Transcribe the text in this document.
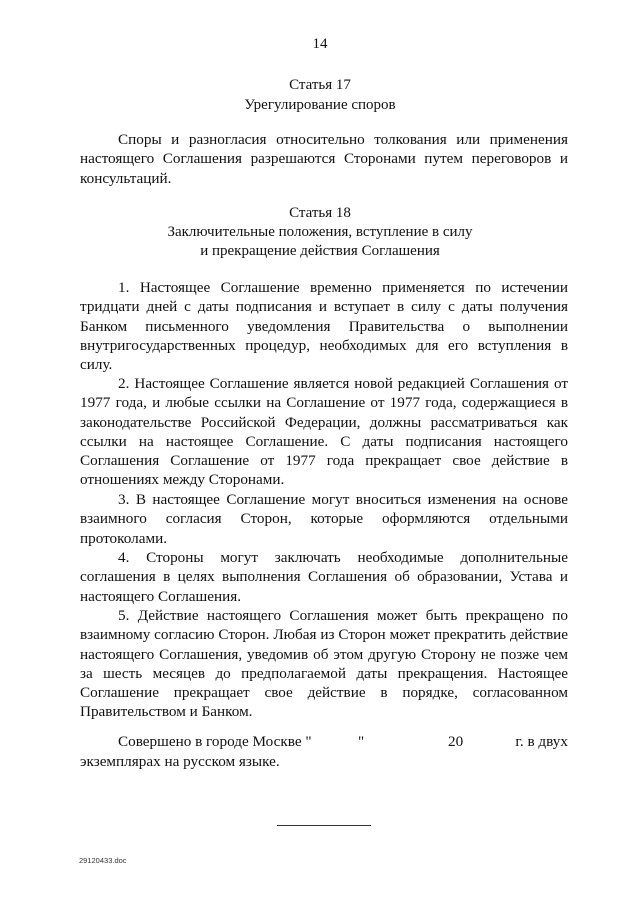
14
Статья 17
Урегулирование споров

Споры и разногласия относительно толкования или применения настоящего Соглашения разрешаются Сторонами путем переговоров и консультаций.

Статья 18
Заключительные положения, вступление в силу
и прекращение действия Соглашения

1. Настоящее Соглашение временно применяется по истечении тридцати дней с даты подписания и вступает в силу с даты получения Банком письменного уведомления Правительства о выполнении внутригосударственных процедур, необходимых для его вступления в силу.

2. Настоящее Соглашение является новой редакцией Соглашения от 1977 года, и любые ссылки на Соглашение от 1977 года, содержащиеся в законодательстве Российской Федерации, должны рассматриваться как ссылки на настоящее Соглашение. С даты подписания настоящего Соглашения Соглашение от 1977 года прекращает свое действие в отношениях между Сторонами.

3. В настоящее Соглашение могут вноситься изменения на основе взаимного согласия Сторон, которые оформляются отдельными протоколами.

4. Стороны могут заключать необходимые дополнительные соглашения в целях выполнения Соглашения об образовании, Устава и настоящего Соглашения.

5. Действие настоящего Соглашения может быть прекращено по взаимному согласию Сторон. Любая из Сторон может прекратить действие настоящего Соглашения, уведомив об этом другую Сторону не позже чем за шесть месяцев до предполагаемой даты прекращения. Настоящее Соглашение прекращает свое действие в порядке, согласованном Правительством и Банком.

Совершено в городе Москве "	"	20	г. в двух
экземплярах на русском языке.
29120433.doc
